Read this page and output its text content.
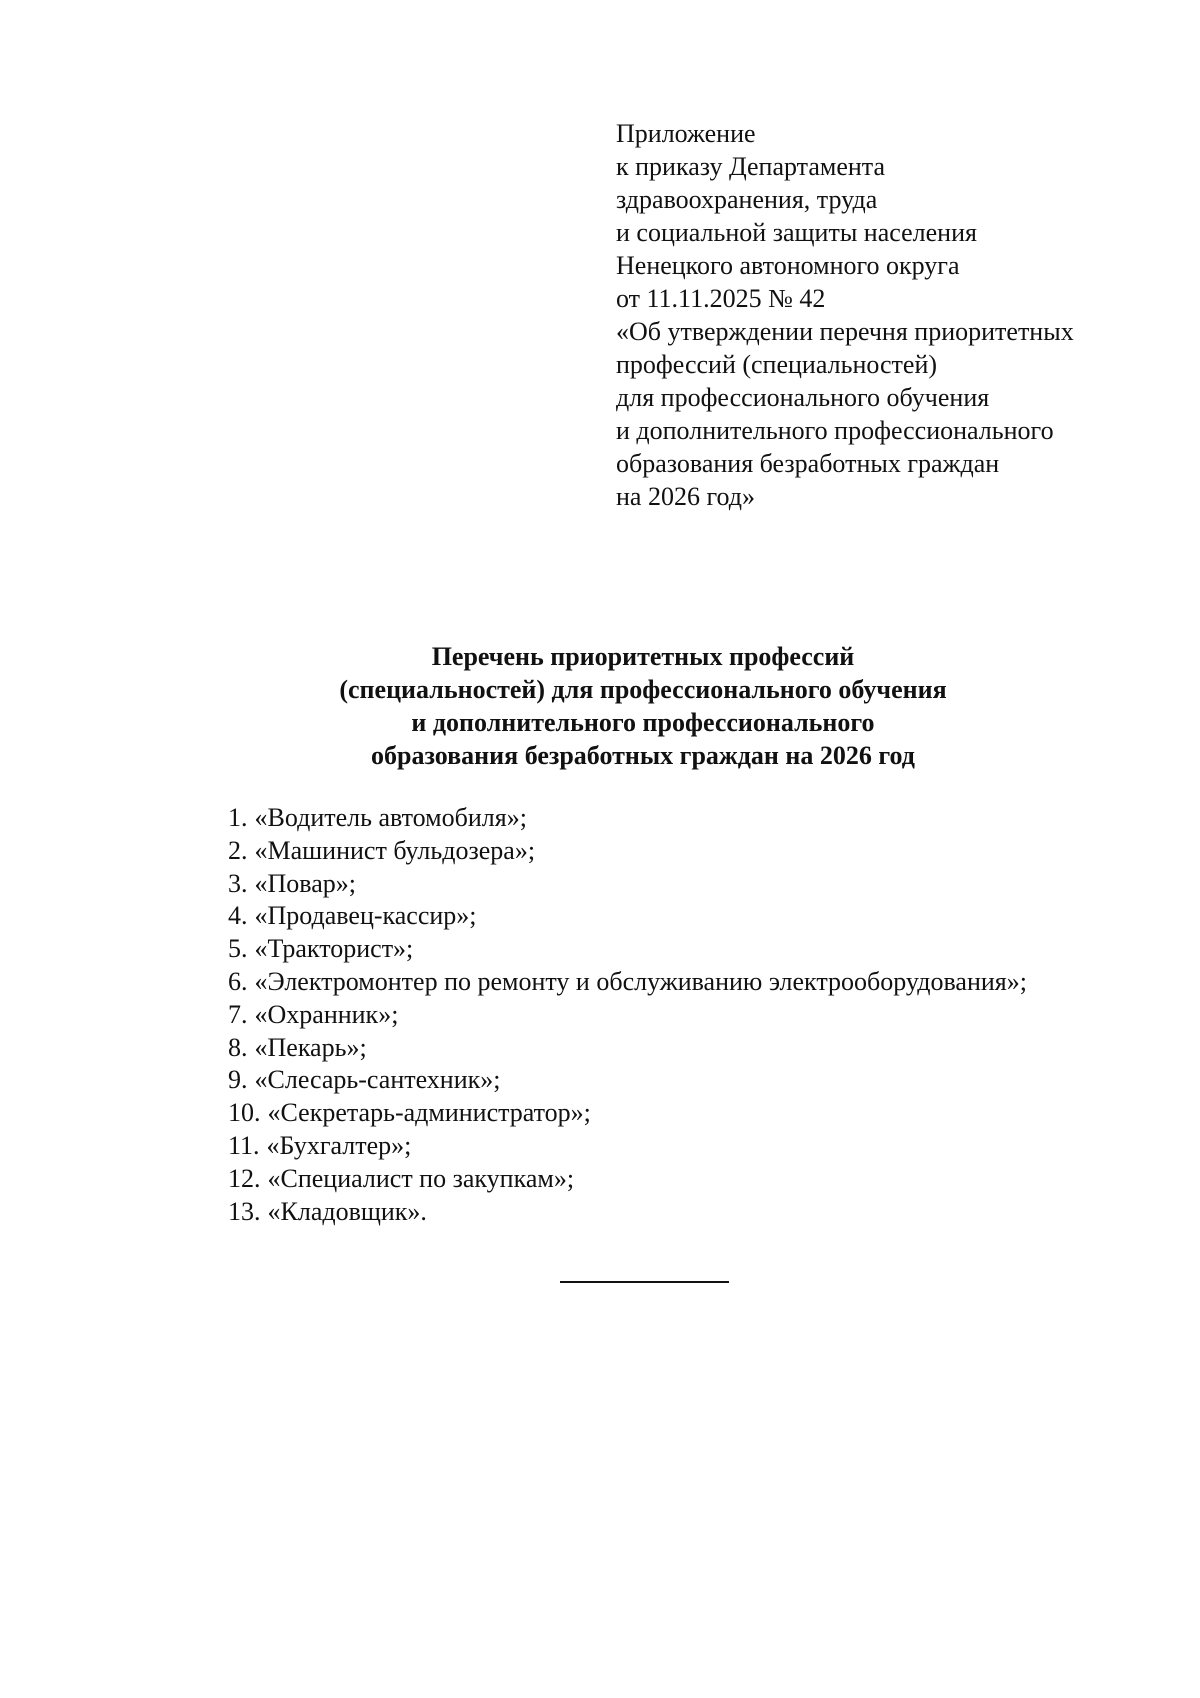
Приложение
к приказу Департамента
здравоохранения, труда
и социальной защиты населения
Ненецкого автономного округа
от 11.11.2025 № 42
«Об утверждении перечня приоритетных
профессий (специальностей)
для профессионального обучения
и дополнительного профессионального
образования безработных граждан
на 2026 год»
Перечень приоритетных профессий
(специальностей) для профессионального обучения
и дополнительного профессионального
образования безработных граждан на 2026 год
1. «Водитель автомобиля»;
2. «Машинист бульдозера»;
3. «Повар»;
4. «Продавец-кассир»;
5. «Тракторист»;
6. «Электромонтер по ремонту и обслуживанию электрооборудования»;
7. «Охранник»;
8. «Пекарь»;
9. «Слесарь-сантехник»;
10. «Секретарь-администратор»;
11. «Бухгалтер»;
12. «Специалист по закупкам»;
13. «Кладовщик».
